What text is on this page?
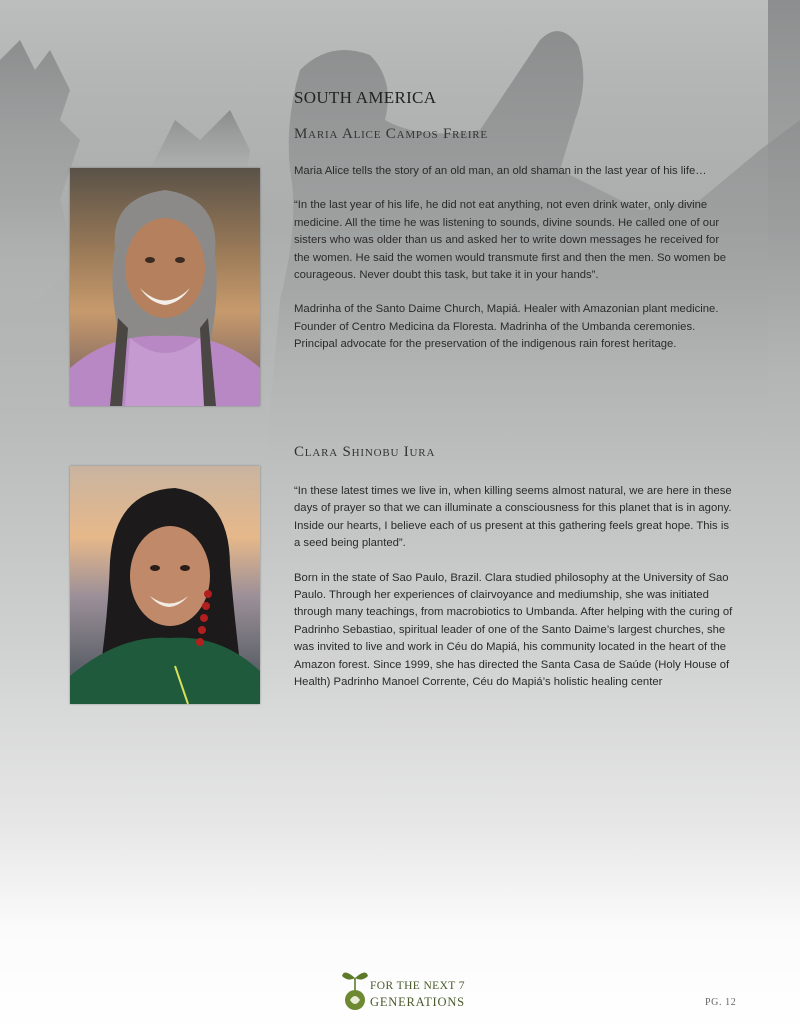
SOUTH AMERICA
Maria Alice Campos Freire

Maria Alice tells the story of an old man, an old shaman in the last year of his life…

“In the last year of his life, he did not eat anything, not even drink water, only divine medicine. All the time he was listening to sounds, divine sounds. He called one of our sisters who was older than us and asked her to write down messages he received for the women. He said the women would transmute first and then the men. So women be courageous. Never doubt this task, but take it in your hands”.

Madrinha of the Santo Daime Church, Mapiá. Healer with Amazonian plant medicine. Founder of Centro Medicina da Floresta. Madrinha of the Umbanda ceremonies. Principal advocate for the preservation of the indigenous rain forest heritage.

Clara Shinobu Iura

“In these latest times we live in, when killing seems almost natural, we are here in these days of prayer so that we can illuminate a consciousness for this planet that is in agony. Inside our hearts, I believe each of us present at this gathering feels great hope. This is a seed being planted”.

Born in the state of Sao Paulo, Brazil. Clara studied philosophy at the University of Sao Paulo. Through her experiences of clairvoyance and mediumship, she was initiated through many teachings, from macrobiotics to Umbanda. After helping with the curing of Padrinho Sebastiao, spiritual leader of one of the Santo Daime’s largest churches, she was invited to live and work in Céu do Mapiá, his community located in the heart of the Amazon forest. Since 1999, she has directed the Santa Casa de Saúde (Holy House of Health) Padrinho Manoel Corrente, Céu do Mapiá’s holistic healing center

FOR THE NEXT 7
GENERATIONS	PG. 12
